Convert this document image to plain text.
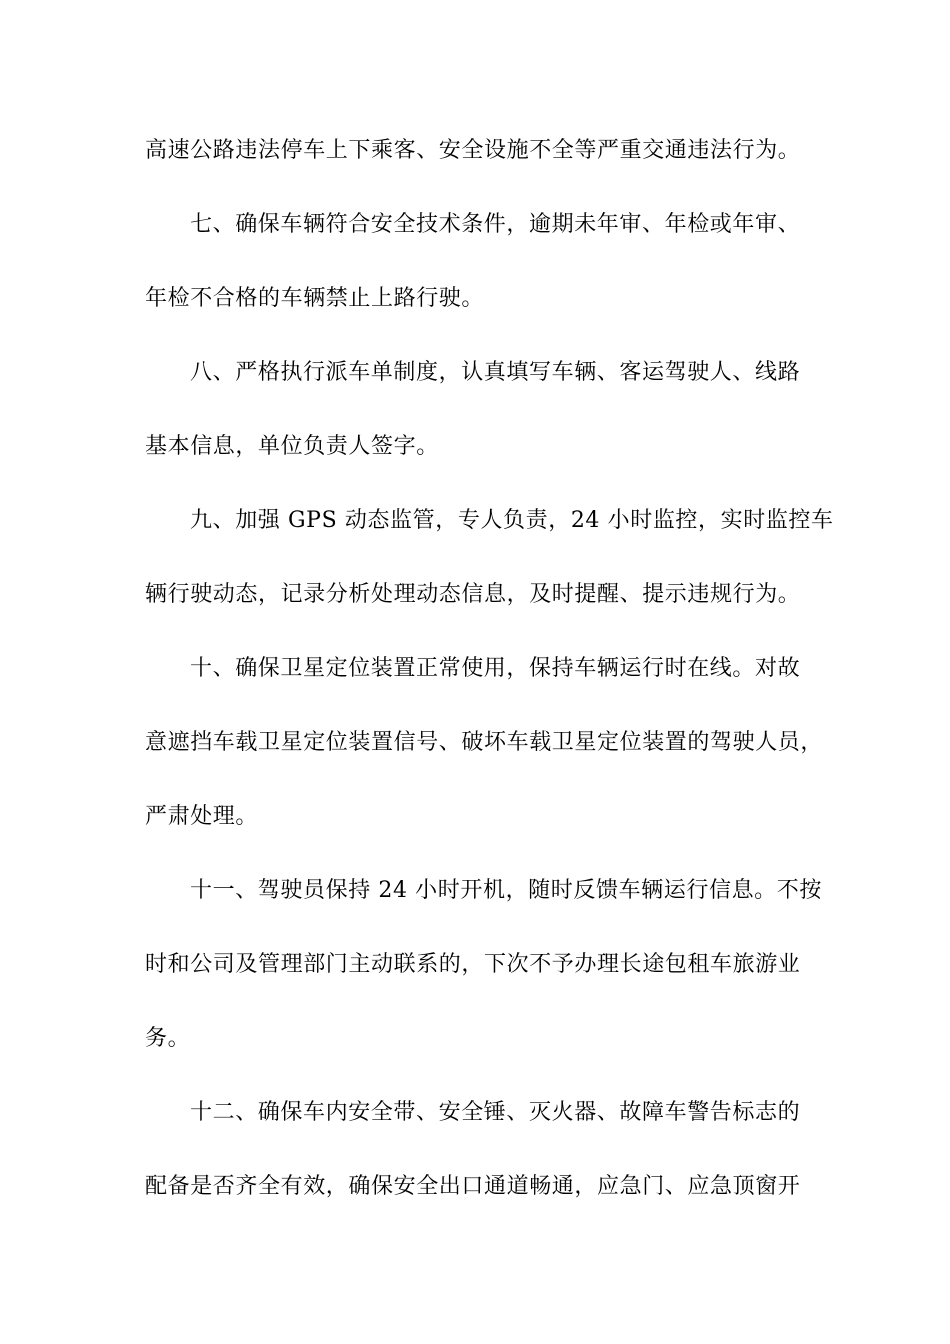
高速公路违法停车上下乘客、安全设施不全等严重交通违法行为。
七、确保车辆符合安全技术条件，逾期未年审、年检或年审、
年检不合格的车辆禁止上路行驶。
八、严格执行派车单制度，认真填写车辆、客运驾驶人、线路
基本信息，单位负责人签字。
九、加强 GPS 动态监管，专人负责，24 小时监控，实时监控车
辆行驶动态，记录分析处理动态信息，及时提醒、提示违规行为。
十、确保卫星定位装置正常使用，保持车辆运行时在线。对故
意遮挡车载卫星定位装置信号、破坏车载卫星定位装置的驾驶人员，
严肃处理。
十一、驾驶员保持 24 小时开机，随时反馈车辆运行信息。不按
时和公司及管理部门主动联系的，下次不予办理长途包租车旅游业
务。
十二、确保车内安全带、安全锤、灭火器、故障车警告标志的
配备是否齐全有效，确保安全出口通道畅通，应急门、应急顶窗开
